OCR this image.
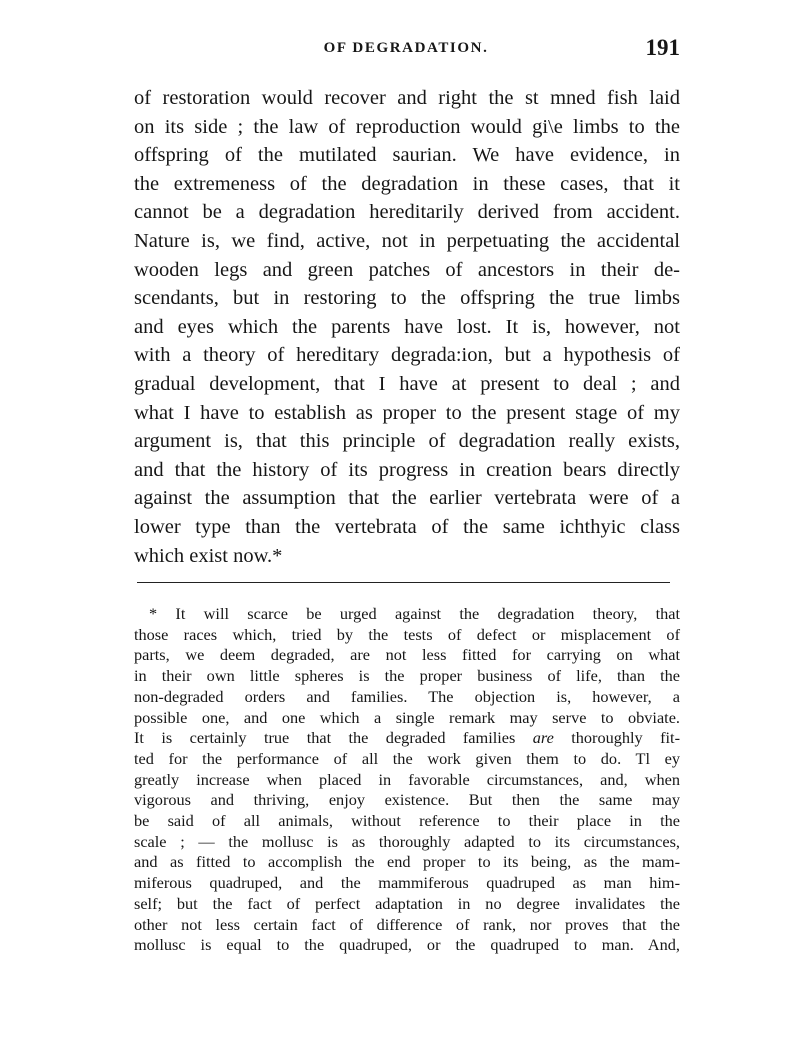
OF DEGRADATION.	191
of restoration would recover and right the st mned fish laid
on its side ; the law of reproduction would gi\e limbs to the
offspring of the mutilated saurian. We have evidence, in
the extremeness of the degradation in these cases, that it
cannot be a degradation hereditarily derived from accident.
Nature is, we find, active, not in perpetuating the accidental
wooden legs and green patches of ancestors in their de-
scendants, but in restoring to the offspring the true limbs
and eyes which the parents have lost. It is, however, not
with a theory of hereditary degrada:ion, but a hypothesis of
gradual development, that I have at present to deal ; and
what I have to establish as proper to the present stage of my
argument is, that this principle of degradation really exists,
and that the history of its progress in creation bears directly
against the assumption that the earlier vertebrata were of a
lower type than the vertebrata of the same ichthyic class
which exist now.*
* It will scarce be urged against the degradation theory, that
those races which, tried by the tests of defect or misplacement of
parts, we deem degraded, are not less fitted for carrying on what
in their own little spheres is the proper business of life, than the
non-degraded orders and families. The objection is, however, a
possible one, and one which a single remark may serve to obviate.
It is certainly true that the degraded families are thoroughly fit-
ted for the performance of all the work given them to do. Tl ey
greatly increase when placed in favorable circumstances, and, when
vigorous and thriving, enjoy existence. But then the same may
be said of all animals, without reference to their place in the
scale ; — the mollusc is as thoroughly adapted to its circumstances,
and as fitted to accomplish the end proper to its being, as the mam-
miferous quadruped, and the mammiferous quadruped as man him-
self; but the fact of perfect adaptation in no degree invalidates the
other not less certain fact of difference of rank, nor proves that the
mollusc is equal to the quadruped, or the quadruped to man. And,
